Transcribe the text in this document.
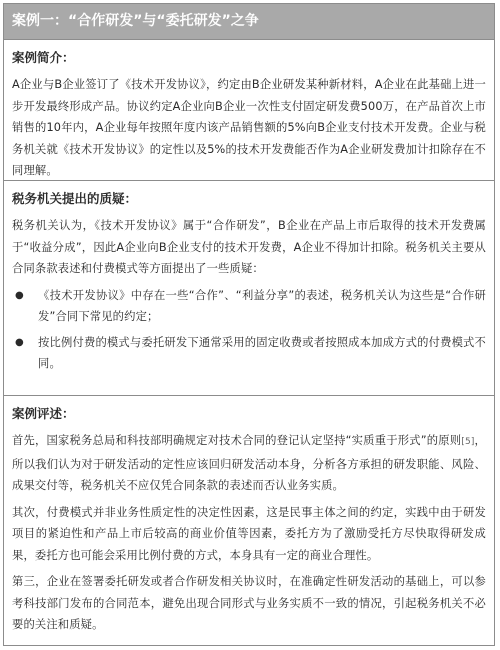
案例一：“合作研发”与“委托研发”之争
案例简介：

A企业与B企业签订了《技术开发协议》，约定由B企业研发某种新材料，A企业在此基础上进一步开发最终形成产品。协议约定A企业向B企业一次性支付固定研发费500万，在产品首次上市销售的10年内，A企业每年按照年度内该产品销售额的5%向B企业支付技术开发费。企业与税务机关就《技术开发协议》的定性以及5%的技术开发费能否作为A企业研发费加计扣除存在不同理解。

税务机关提出的质疑：

税务机关认为，《技术开发协议》属于“合作研发”，B企业在产品上市后取得的技术开发费属于“收益分成”，因此A企业向B企业支付的技术开发费，A企业不得加计扣除。税务机关主要从合同条款表述和付费模式等方面提出了一些质疑：

● 《技术开发协议》中存在一些“合作”、“利益分享”的表述，税务机关认为这些是“合作研发”合同下常见的约定；
● 按比例付费的模式与委托研发下通常采用的固定收费或者按照成本加成方式的付费模式不同。
案例评述：

首先，国家税务总局和科技部明确规定对技术合同的登记认定坚持“实质重于形式”的原则[5]，所以我们认为对于研发活动的定性应该回归研发活动本身，分析各方承担的研发职能、风险、成果交付等，税务机关不应仅凭合同条款的表述而否认业务实质。

其次，付费模式并非业务性质定性的决定性因素，这是民事主体之间的约定，实践中由于研发项目的紧迫性和产品上市后较高的商业价值等因素，委托方为了激励受托方尽快取得研发成果，委托方也可能会采用比例付费的方式，本身具有一定的商业合理性。

第三，企业在签署委托研发或者合作研发相关协议时，在准确定性研发活动的基础上，可以参考科技部门发布的合同范本，避免出现合同形式与业务实质不一致的情况，引起税务机关不必要的关注和质疑。
